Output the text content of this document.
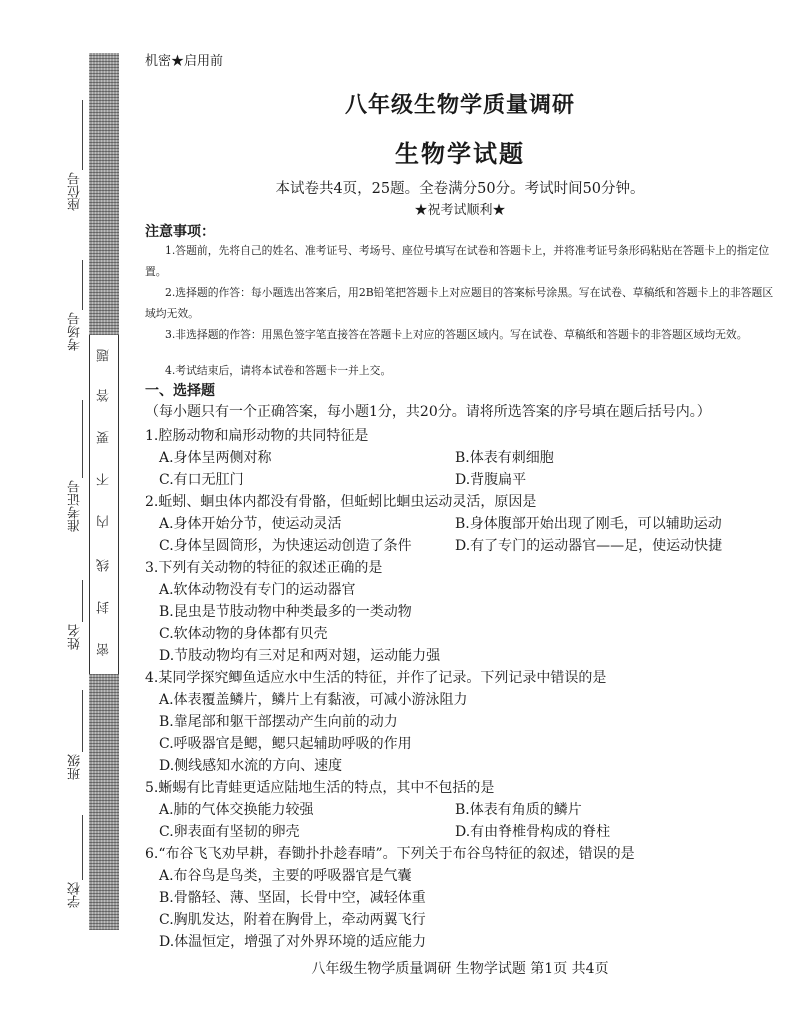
密
封
线
内
不
要
答
题
座位号
考场号
准考证号
姓名
班级
学校
机密★启用前
八年级生物学质量调研
生物学试题
本试卷共4页，25题。全卷满分50分。考试时间50分钟。
★祝考试顺利★
注意事项：
1.答题前，先将自己的姓名、准考证号、考场号、座位号填写在试卷和答题卡上，并将准考证号条形码粘贴在答题卡上的指定位置。
2.选择题的作答：每小题选出答案后，用2B铅笔把答题卡上对应题目的答案标号涂黑。写在试卷、草稿纸和答题卡上的非答题区域均无效。
3.非选择题的作答：用黑色签字笔直接答在答题卡上对应的答题区域内。写在试卷、草稿纸和答题卡的非答题区域均无效。
4.考试结束后，请将本试卷和答题卡一并上交。
一、选择题（每小题只有一个正确答案，每小题1分，共20分。请将所选答案的序号填在题后括号内。）
1.腔肠动物和扁形动物的共同特征是
A.身体呈两侧对称	B.体表有刺细胞
C.有口无肛门	D.背腹扁平
2.蚯蚓、蛔虫体内都没有骨骼，但蚯蚓比蛔虫运动灵活，原因是
A.身体开始分节，使运动灵活	B.身体腹部开始出现了刚毛，可以辅助运动
C.身体呈圆筒形，为快速运动创造了条件	D.有了专门的运动器官——足，使运动快捷
3.下列有关动物的特征的叙述正确的是
A.软体动物没有专门的运动器官
B.昆虫是节肢动物中种类最多的一类动物
C.软体动物的身体都有贝壳
D.节肢动物均有三对足和两对翅，运动能力强
4.某同学探究鲫鱼适应水中生活的特征，并作了记录。下列记录中错误的是
A.体表覆盖鳞片，鳞片上有黏液，可减小游泳阻力
B.靠尾部和躯干部摆动产生向前的动力
C.呼吸器官是鳃，鳃只起辅助呼吸的作用
D.侧线感知水流的方向、速度
5.蜥蜴有比青蛙更适应陆地生活的特点，其中不包括的是
A.肺的气体交换能力较强	B.体表有角质的鳞片
C.卵表面有坚韧的卵壳	D.有由脊椎骨构成的脊柱
6.“布谷飞飞劝早耕，春锄扑扑趁春晴”。下列关于布谷鸟特征的叙述，错误的是
A.布谷鸟是鸟类，主要的呼吸器官是气囊
B.骨骼轻、薄、坚固，长骨中空，减轻体重
C.胸肌发达，附着在胸骨上，牵动两翼飞行
D.体温恒定，增强了对外界环境的适应能力
八年级生物学质量调研 生物学试题 第1页 共4页
